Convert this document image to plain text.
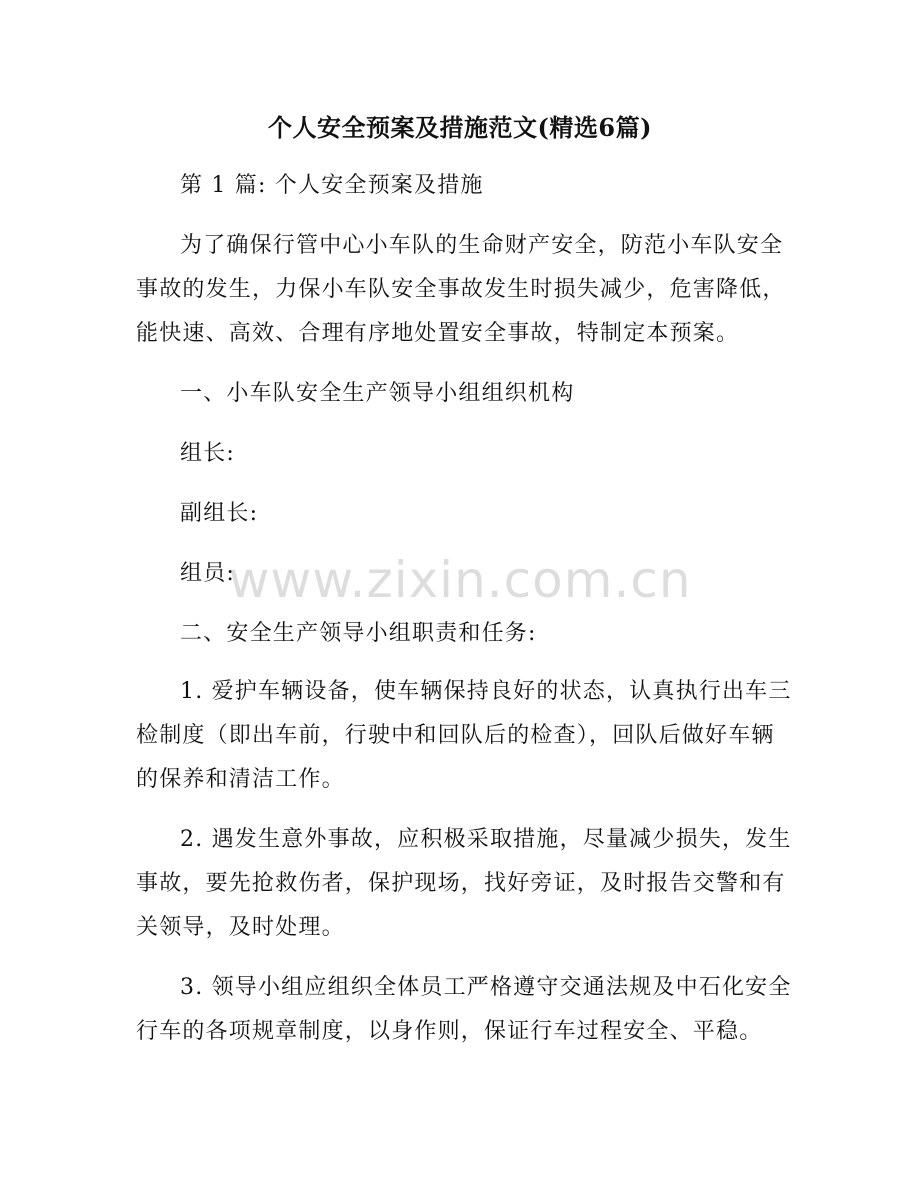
个人安全预案及措施范文(精选6篇)
第 1 篇: 个人安全预案及措施
为了确保行管中心小车队的生命财产安全，防范小车队安全
事故的发生，力保小车队安全事故发生时损失减少，危害降低，
能快速、高效、合理有序地处置安全事故，特制定本预案。
一、小车队安全生产领导小组组织机构
组长:
副组长:
组员:
二、安全生产领导小组职责和任务:
1. 爱护车辆设备，使车辆保持良好的状态，认真执行出车三
检制度（即出车前，行驶中和回队后的检查），回队后做好车辆
的保养和清洁工作。
2. 遇发生意外事故，应积极采取措施，尽量减少损失，发生
事故，要先抢救伤者，保护现场，找好旁证，及时报告交警和有
关领导，及时处理。
3. 领导小组应组织全体员工严格遵守交通法规及中石化安全
行车的各项规章制度，以身作则，保证行车过程安全、平稳。
www.zixin.com.cn
